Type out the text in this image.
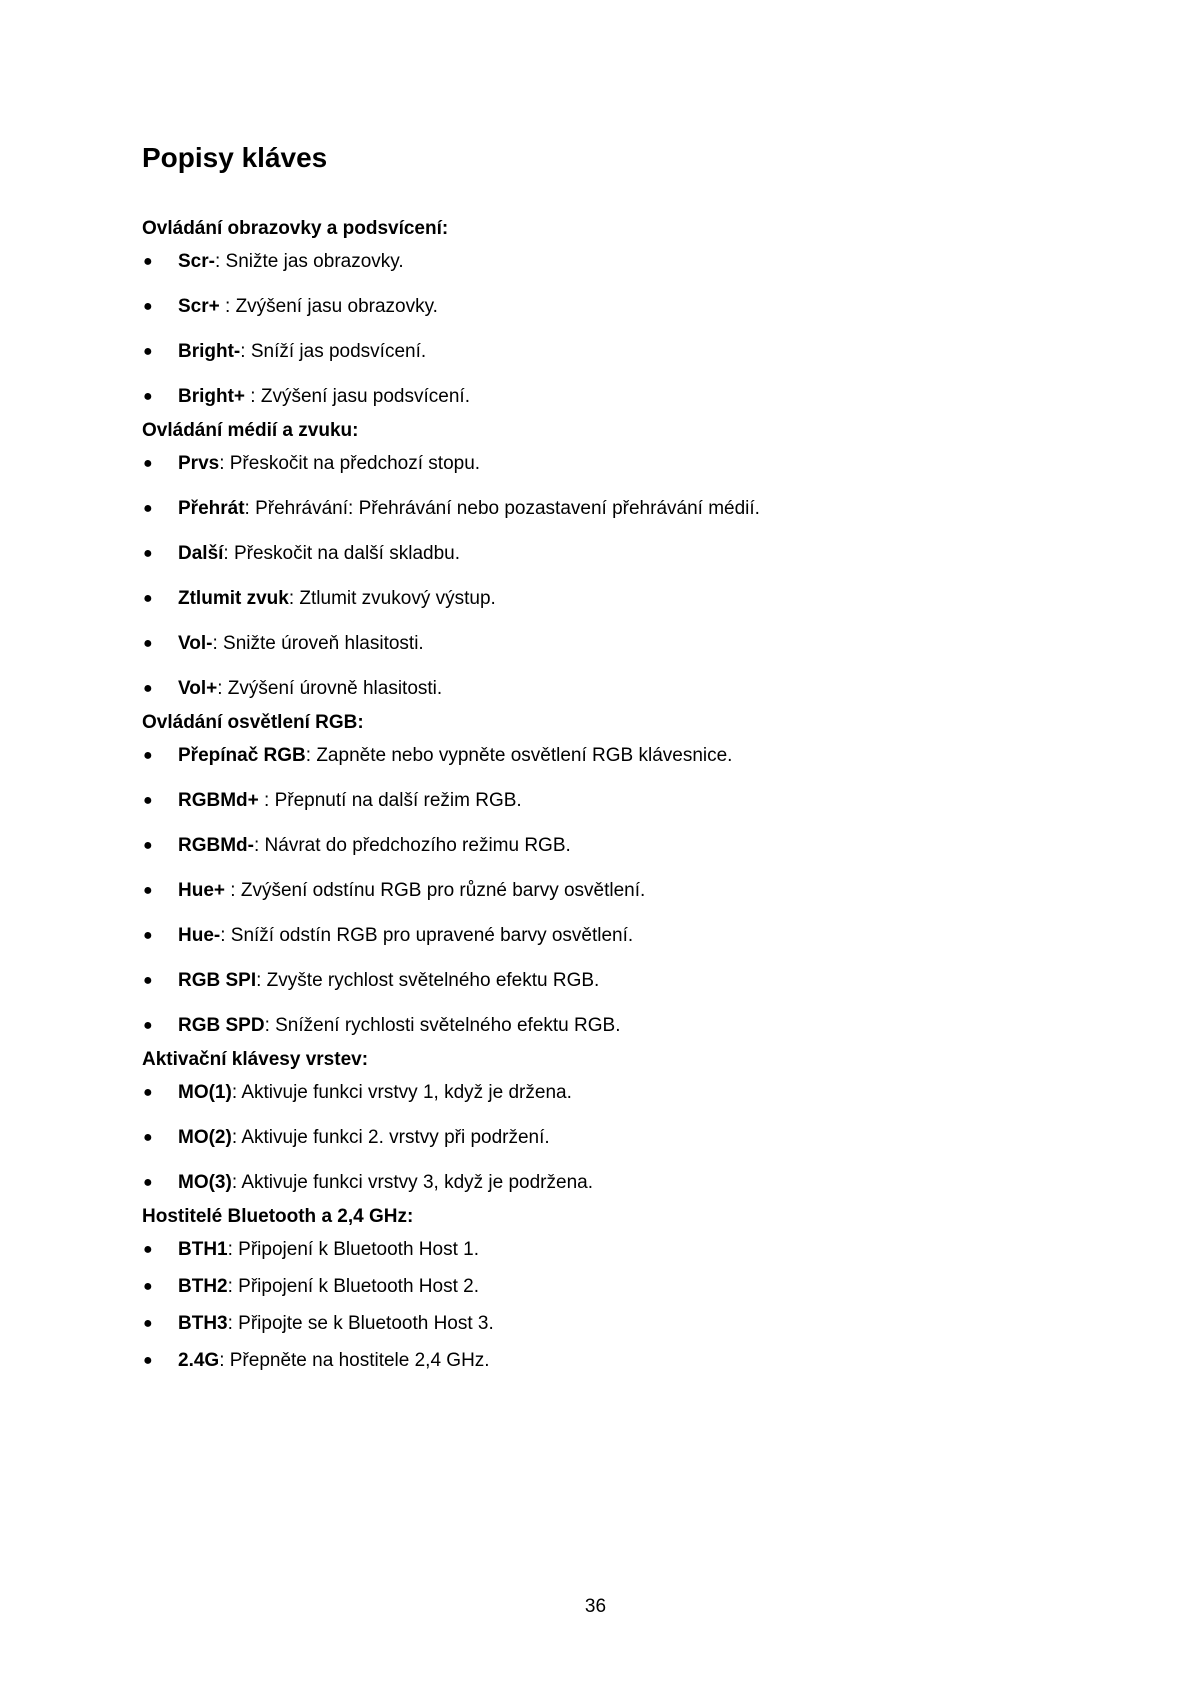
Popisy kláves
Ovládání obrazovky a podsvícení:
● Scr-: Snižte jas obrazovky.
● Scr+ : Zvýšení jasu obrazovky.
● Bright-: Sníží jas podsvícení.
● Bright+ : Zvýšení jasu podsvícení.
Ovládání médií a zvuku:
● Prvs: Přeskočit na předchozí stopu.
● Přehrát: Přehrávání: Přehrávání nebo pozastavení přehrávání médií.
● Další: Přeskočit na další skladbu.
● Ztlumit zvuk: Ztlumit zvukový výstup.
● Vol-: Snižte úroveň hlasitosti.
● Vol+: Zvýšení úrovně hlasitosti.
Ovládání osvětlení RGB:
● Přepínač RGB: Zapněte nebo vypněte osvětlení RGB klávesnice.
● RGBMd+ : Přepnutí na další režim RGB.
● RGBMd-: Návrat do předchozího režimu RGB.
● Hue+ : Zvýšení odstínu RGB pro různé barvy osvětlení.
● Hue-: Sníží odstín RGB pro upravené barvy osvětlení.
● RGB SPI: Zvyšte rychlost světelného efektu RGB.
● RGB SPD: Snížení rychlosti světelného efektu RGB.
Aktivační klávesy vrstev:
● MO(1): Aktivuje funkci vrstvy 1, když je držena.
● MO(2): Aktivuje funkci 2. vrstvy při podržení.
● MO(3): Aktivuje funkci vrstvy 3, když je podržena.
Hostitelé Bluetooth a 2,4 GHz:
● BTH1: Připojení k Bluetooth Host 1.
● BTH2: Připojení k Bluetooth Host 2.
● BTH3: Připojte se k Bluetooth Host 3.
● 2.4G: Přepněte na hostitele 2,4 GHz.
36
